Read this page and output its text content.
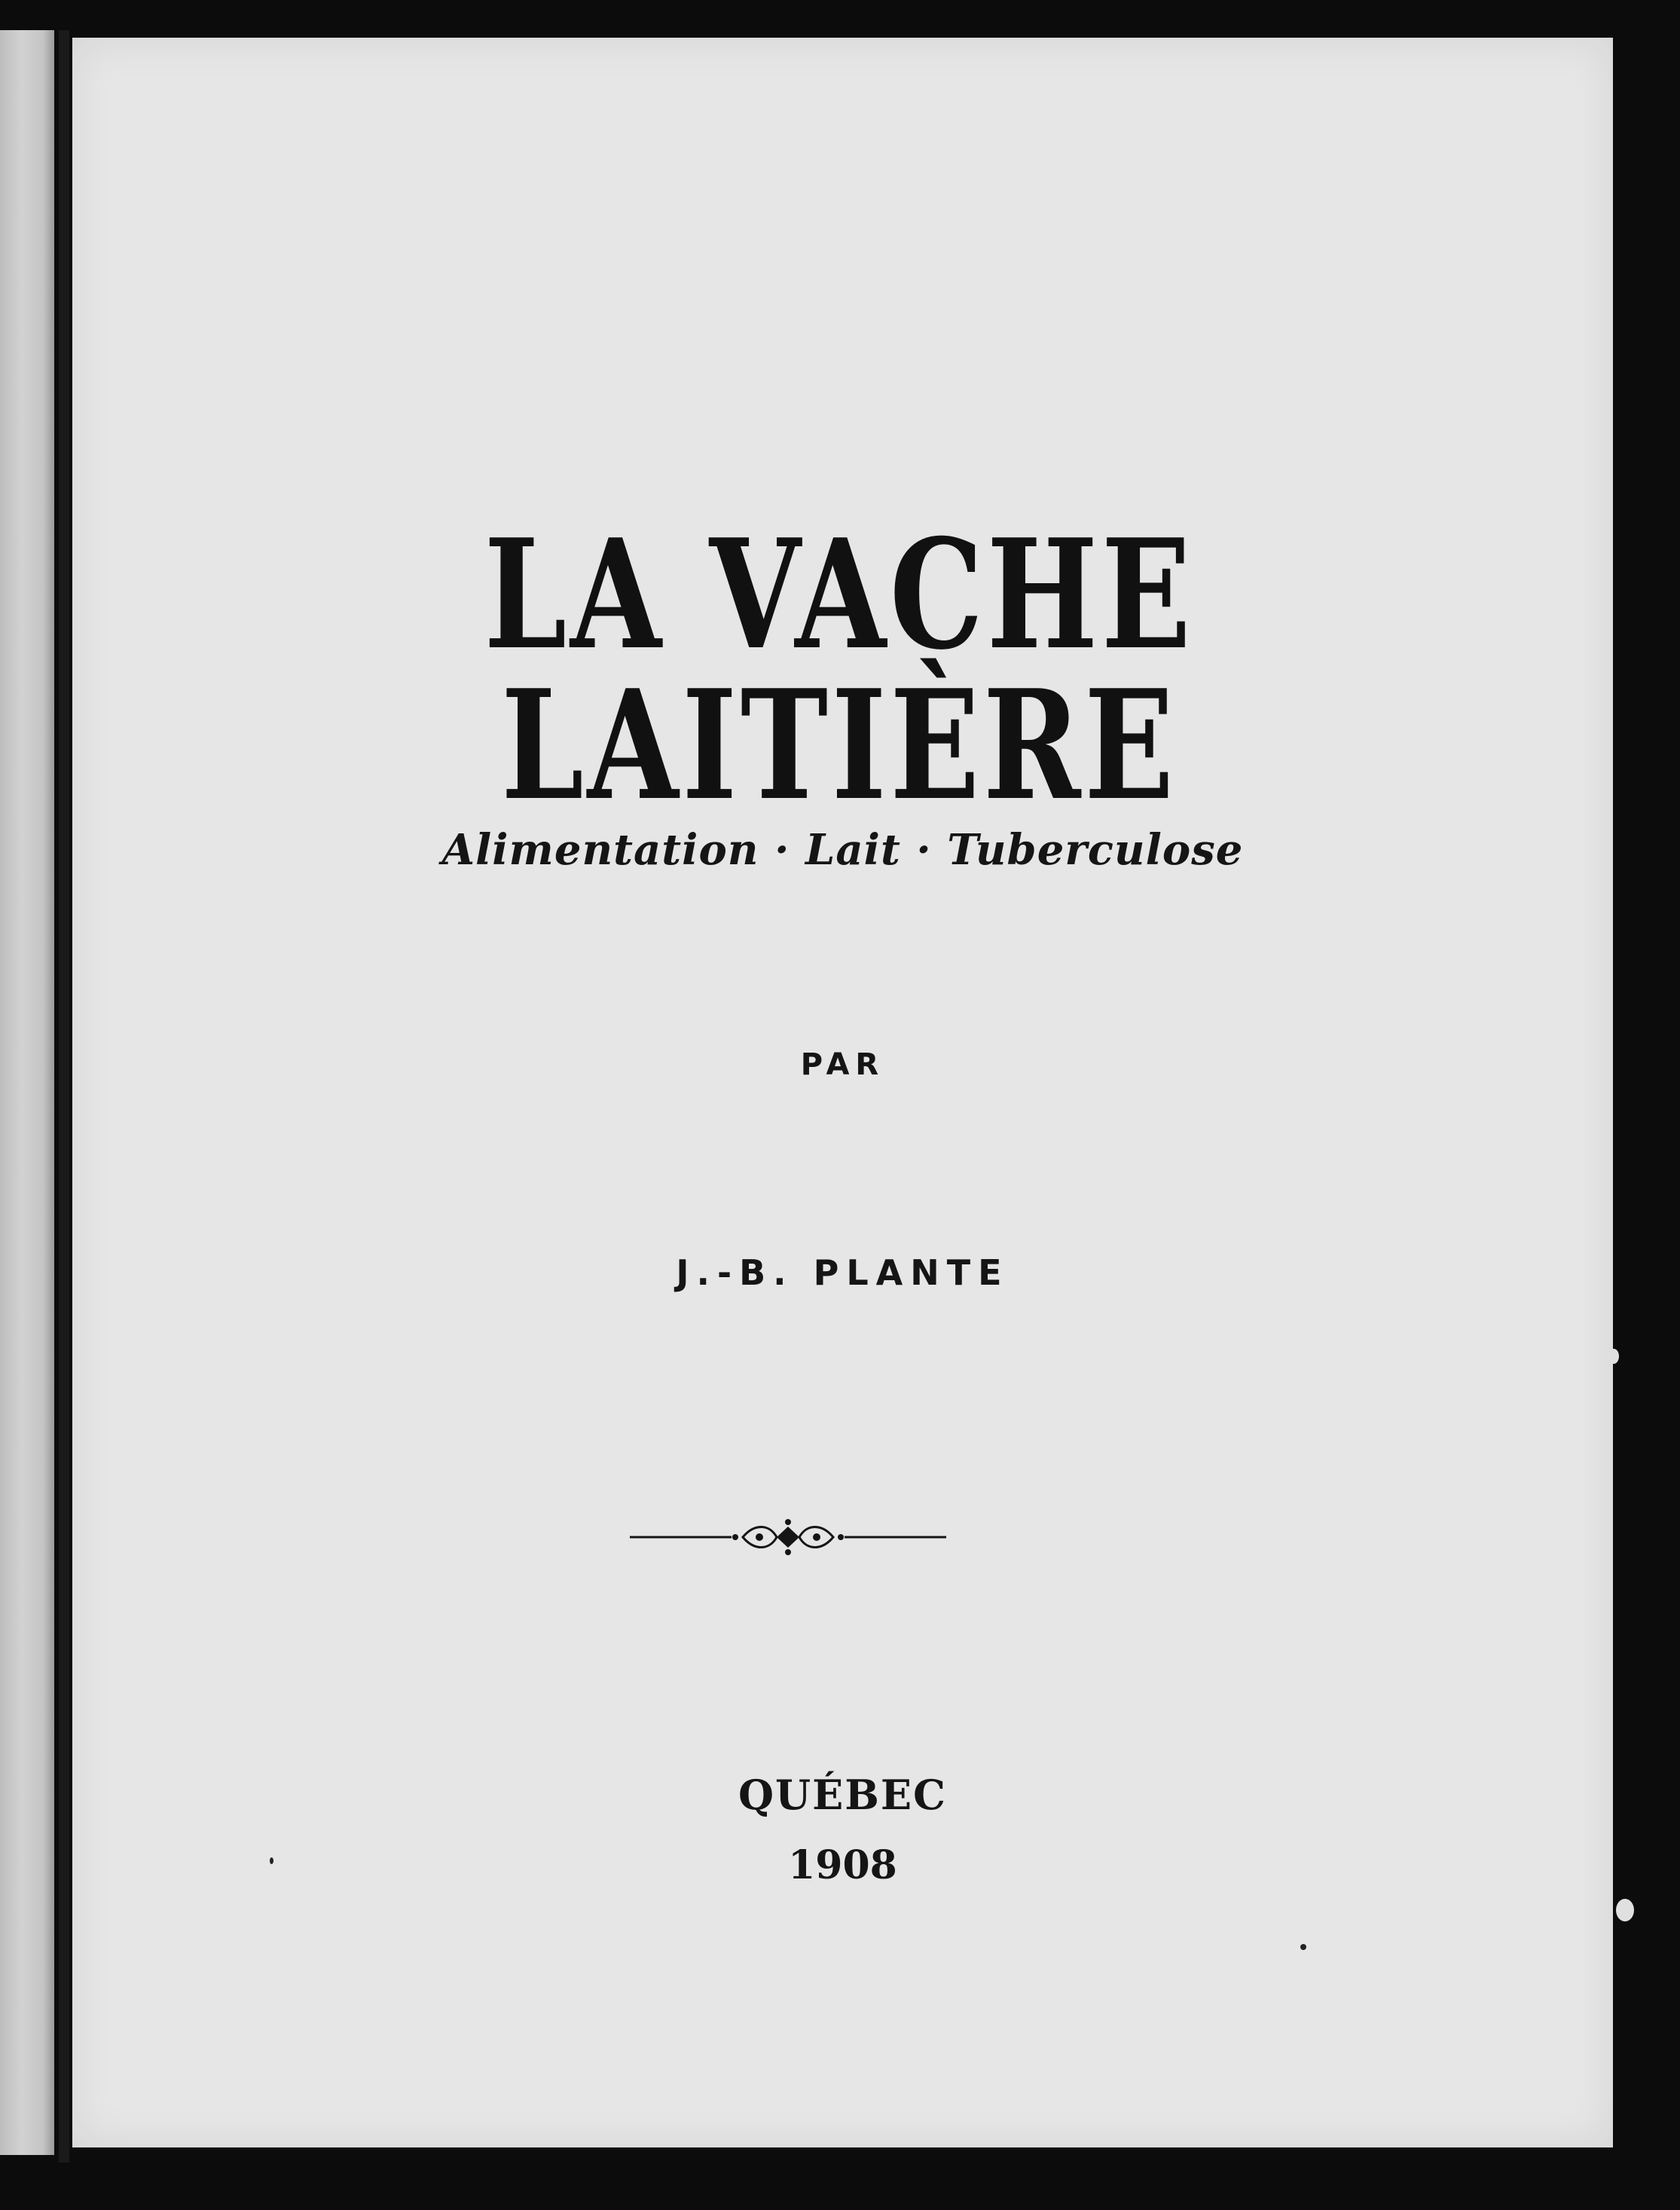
LA VACHE LAITIÈRE
Alimentation · Lait · Tuberculose
PAR
J.-B. PLANTE
QUÉBEC
1908
